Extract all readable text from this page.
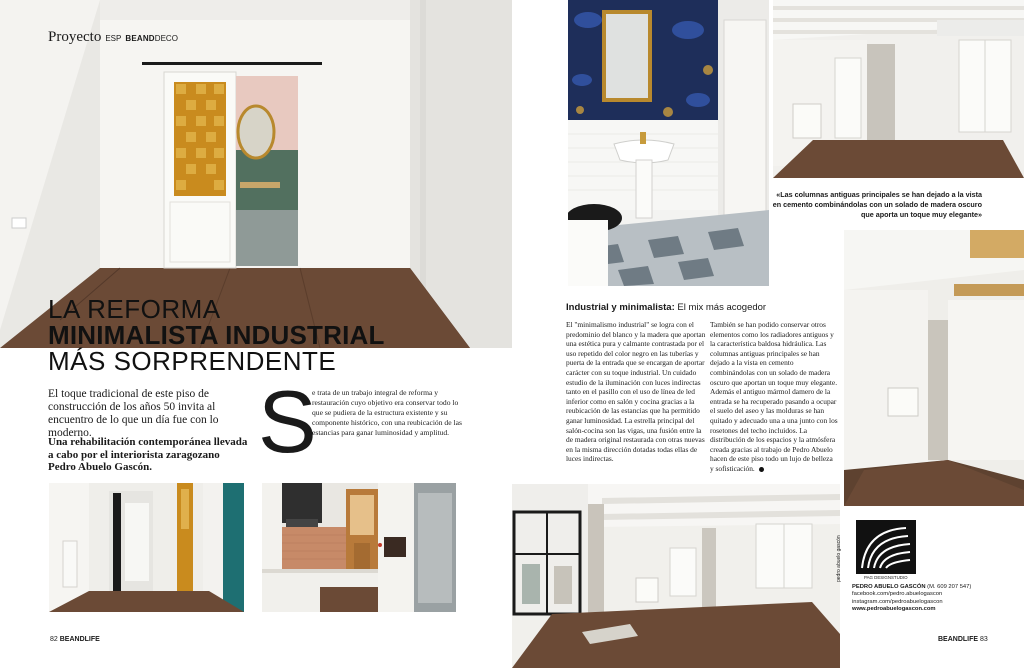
Proyecto ESP BEANDDECO
LA REFORMA
MINIMALISTA INDUSTRIAL
MÁS SORPRENDENTE
El toque tradicional de este piso de construcción de los años 50 invita al encuentro de lo que un día fue con lo moderno.
Una rehabilitación contemporánea llevada a cabo por el interiorista zaragozano Pedro Abuelo Gascón.	S
e trata de un trabajo integral de reforma y restauración cuyo objetivo era conservar todo lo que se pudiera de la estructura existente y su componente histórico, con una reubicación de las estancias para ganar luminosidad y amplitud.
82 BEANDLIFE
«Las columnas antiguas principales se han dejado a la vista en cemento combinándolas con un solado de madera oscuro que aporta un toque muy elegante»
Industrial y minimalista: El mix más acogedor
El "minimalismo industrial" se logra con el predominio del blanco y la madera que aportan una estética pura y calmante contrastada por el uso repetido del color negro en las tuberías y puerta de la entrada que se encargan de aportar carácter con su toque industrial. Un cuidado estudio de la iluminación con luces indirectas tanto en el pasillo con el uso de línea de led inferior como en salón y cocina gracias a la reubicación de las estancias que ha permitido ganar luminosidad. La estrella principal del salón-cocina son las vigas, una fusión entre la de madera original restaurada con otras nuevas en la misma dirección dotadas todas ellas de luces indirectas.
También se han podido conservar otros elementos como los radiadores antiguos y la característica baldosa hidráulica. Las columnas antiguas principales se han dejado a la vista en cemento combinándolas con un solado de madera oscuro que aportan un toque muy elegante. Además el antiguo mármol damero de la entrada se ha recuperado pasando a ocupar el suelo del aseo y las molduras se han quitado y adecuado una a una junto con los rosetones del techo incluidos. La distribución de los espacios y la atmósfera creada gracias al trabajo de Pedro Abuelo hacen de este piso todo un lujo de belleza y sofisticación.
pedro abuelo gascón	PAG DESIGNSTUDIO
PEDRO ABUELO GASCÓN (M. 609 207 547)
facebook.com/pedro.abuelogascon
instagram.com/pedroabuelogascon
www.pedroabuelogascon.com
BEANDLIFE 83
